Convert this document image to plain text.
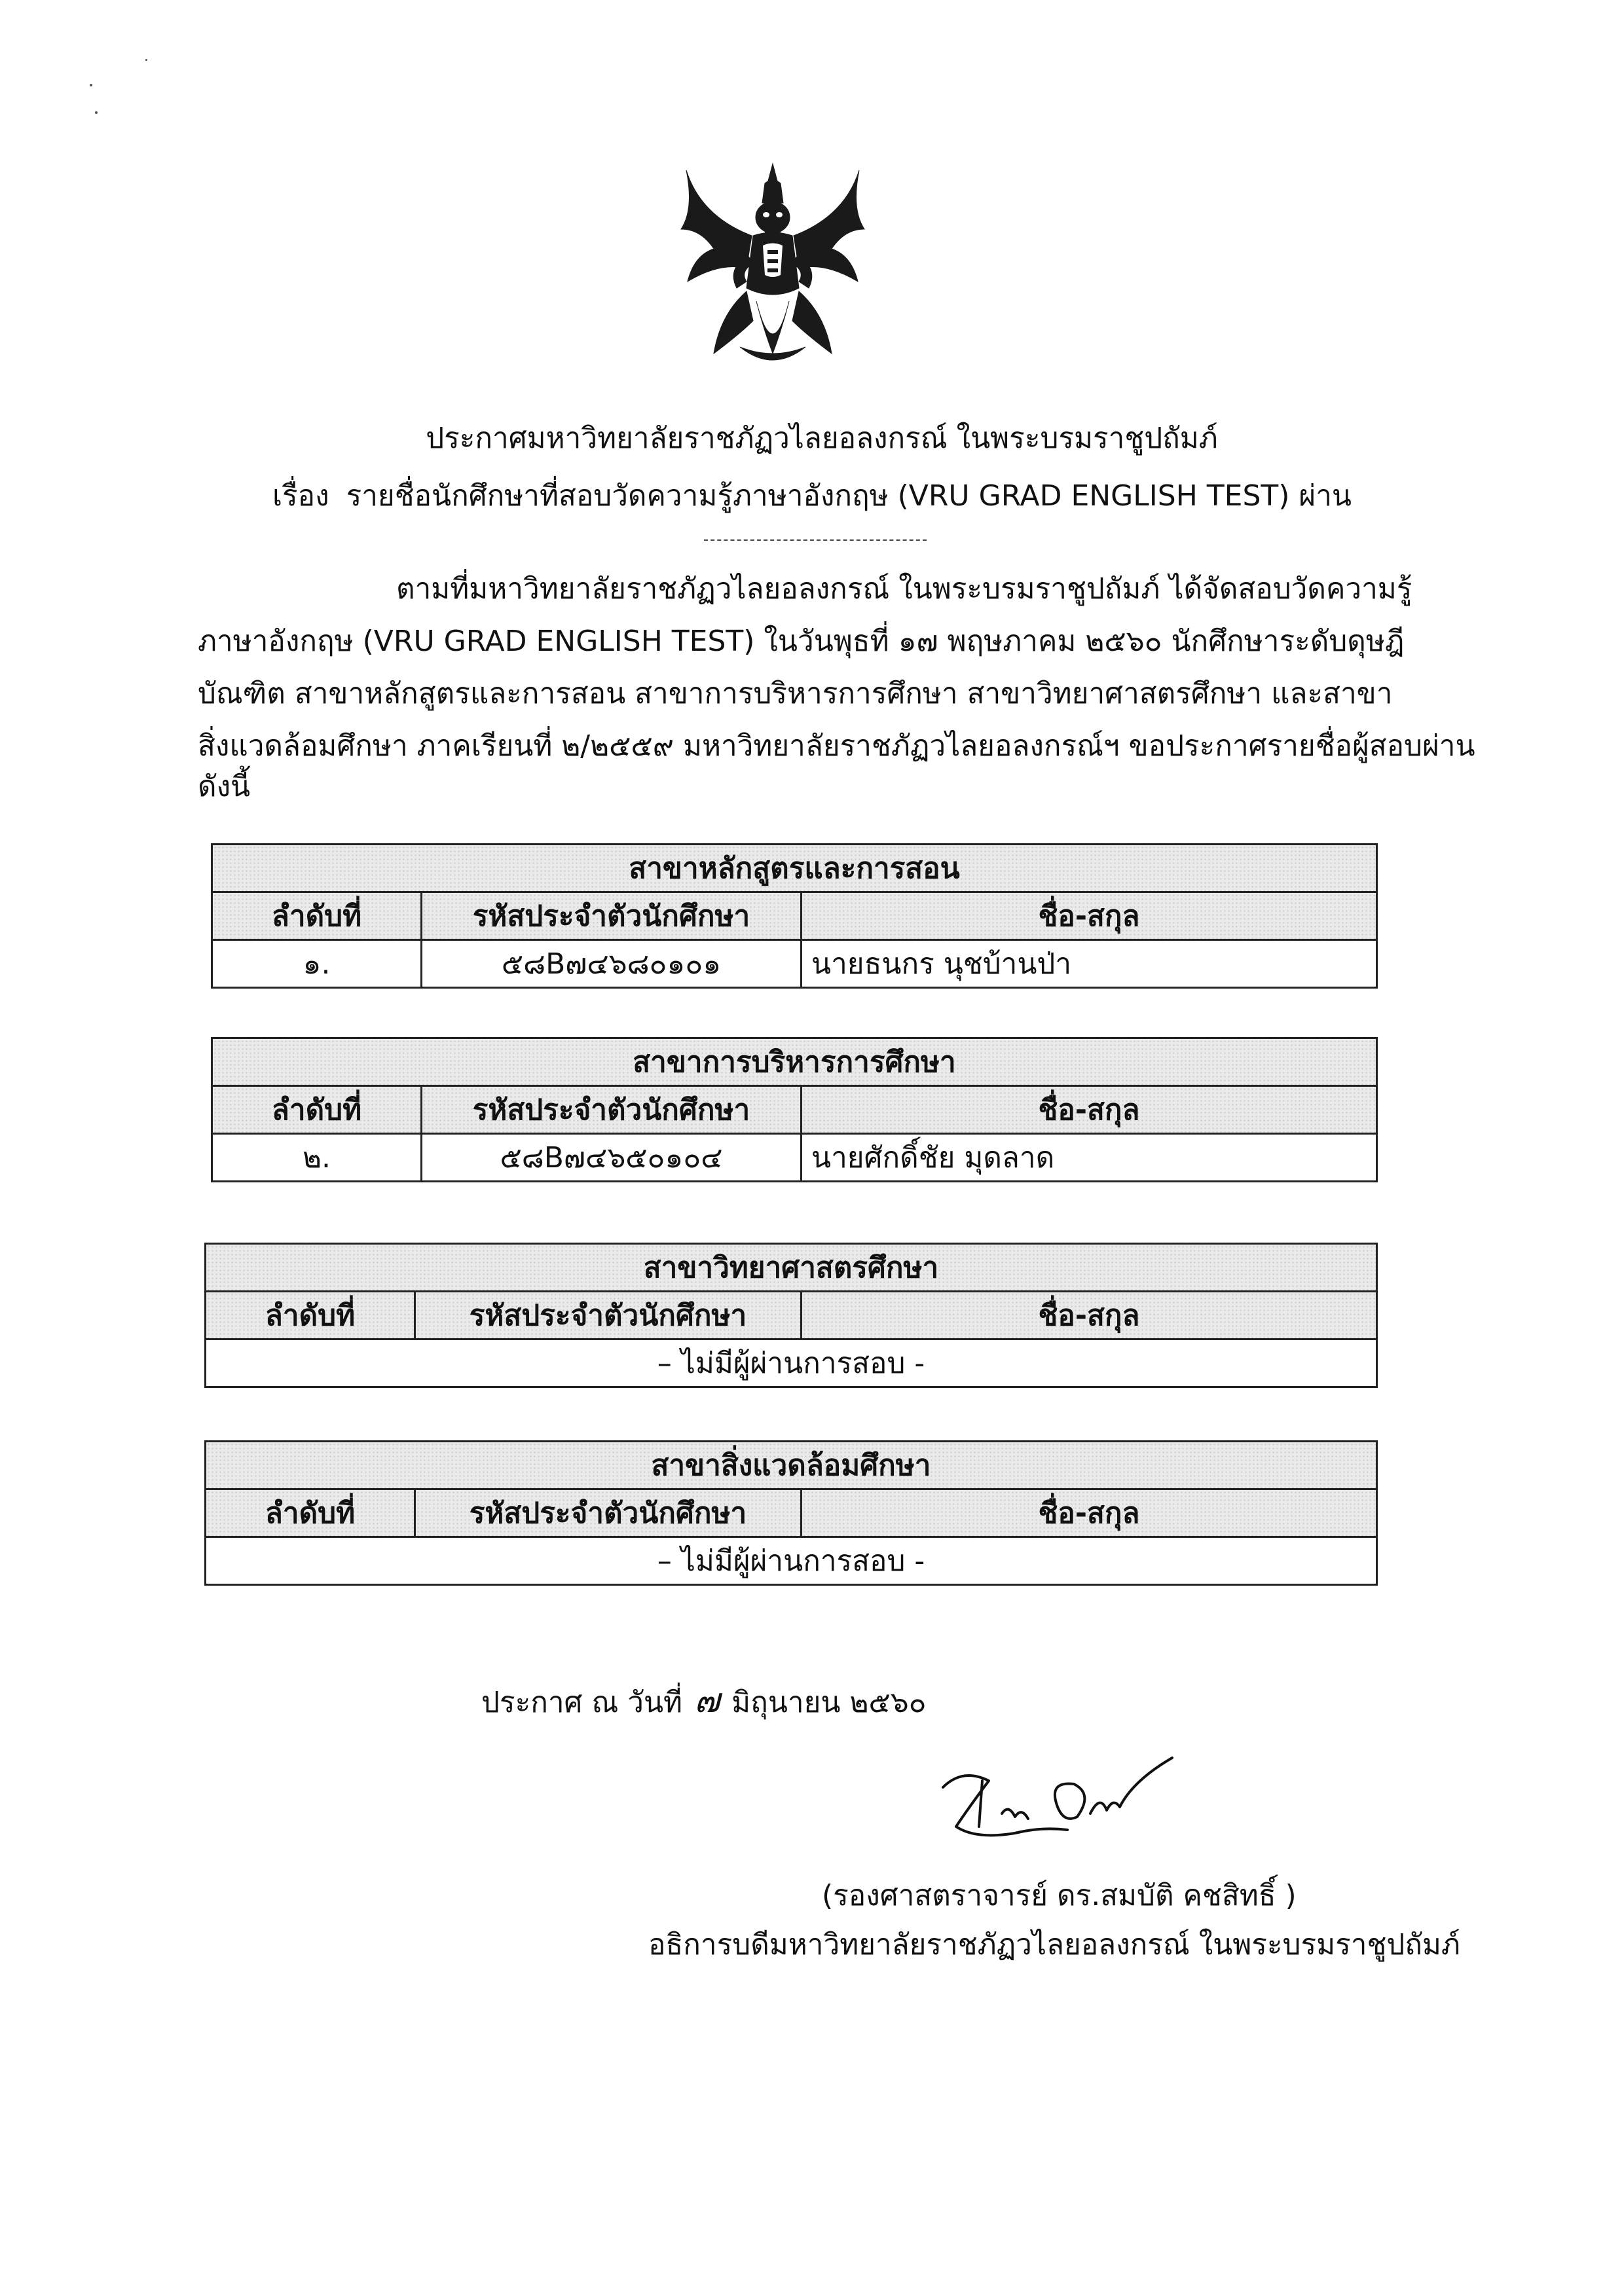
ประกาศมหาวิทยาลัยราชภัฏวไลยอลงกรณ์ ในพระบรมราชูปถัมภ์
เรื่อง รายชื่อนักศึกษาที่สอบวัดความรู้ภาษาอังกฤษ (VRU GRAD ENGLISH TEST) ผ่าน
ตามที่มหาวิทยาลัยราชภัฏวไลยอลงกรณ์ ในพระบรมราชูปถัมภ์ ได้จัดสอบวัดความรู้
ภาษาอังกฤษ (VRU GRAD ENGLISH TEST) ในวันพุธที่ ๑๗ พฤษภาคม ๒๕๖๐ นักศึกษาระดับดุษฎี
บัณฑิต สาขาหลักสูตรและการสอน สาขาการบริหารการศึกษา สาขาวิทยาศาสตรศึกษา และสาขา
สิ่งแวดล้อมศึกษา ภาคเรียนที่ ๒/๒๕๕๙ มหาวิทยาลัยราชภัฏวไลยอลงกรณ์ฯ ขอประกาศรายชื่อผู้สอบผ่าน
ดังนี้
สาขาหลักสูตรและการสอน		
ลำดับที่	รหัสประจำตัวนักศึกษา	ชื่อ-สกุล
๑.	๕๘B๗๔๖๘๐๑๐๑	นายธนกร นุชบ้านป่า
สาขาการบริหารการศึกษา		
ลำดับที่	รหัสประจำตัวนักศึกษา	ชื่อ-สกุล
๒.	๕๘B๗๔๖๕๐๑๐๔	นายศักดิ์ชัย มุดลาด
สาขาวิทยาศาสตรศึกษา
ลำดับที่	รหัสประจำตัวนักศึกษา	ชื่อ-สกุล
– ไม่มีผู้ผ่านการสอบ -
สาขาสิ่งแวดล้อมศึกษา
ลำดับที่	รหัสประจำตัวนักศึกษา	ชื่อ-สกุล
– ไม่มีผู้ผ่านการสอบ -
ประกาศ ณ วันที่ ๗ มิถุนายน ๒๕๖๐
(รองศาสตราจารย์ ดร.สมบัติ คชสิทธิ์ )
อธิการบดีมหาวิทยาลัยราชภัฏวไลยอลงกรณ์ ในพระบรมราชูปถัมภ์
